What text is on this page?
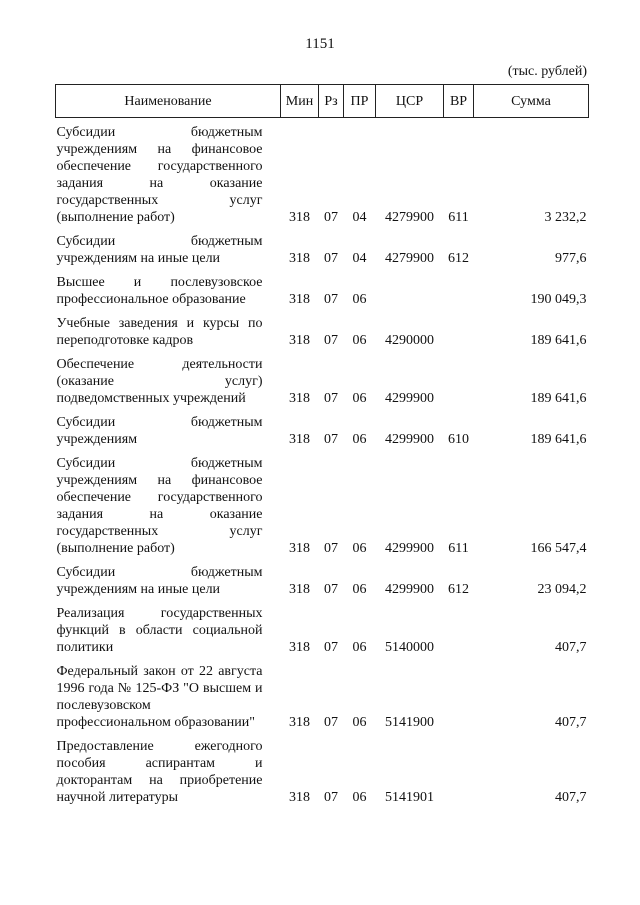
1151
(тыс. рублей)
Наименование	Мин	Рз	ПР	ЦСР	ВР	Сумма
Субсидии бюджетным учреждениям на финансовое обеспечение государственного задания на оказание государственных услуг (выполнение работ)	318	07	04	4279900	611	3 232,2
Субсидии бюджетным учреждениям на иные цели	318	07	04	4279900	612	977,6
Высшее и послевузовское профессиональное образование	318	07	06			190 049,3
Учебные заведения и курсы по переподготовке кадров	318	07	06	4290000		189 641,6
Обеспечение деятельности (оказание услуг) подведомственных учреждений	318	07	06	4299900		189 641,6
Субсидии бюджетным учреждениям	318	07	06	4299900	610	189 641,6
Субсидии бюджетным учреждениям на финансовое обеспечение государственного задания на оказание государственных услуг (выполнение работ)	318	07	06	4299900	611	166 547,4
Субсидии бюджетным учреждениям на иные цели	318	07	06	4299900	612	23 094,2
Реализация государственных функций в области социальной политики	318	07	06	5140000		407,7
Федеральный закон от 22 августа 1996 года № 125-ФЗ "О высшем и послевузовском профессиональном образовании"	318	07	06	5141900		407,7
Предоставление ежегодного пособия аспирантам и докторантам на приобретение научной литературы	318	07	06	5141901		407,7
